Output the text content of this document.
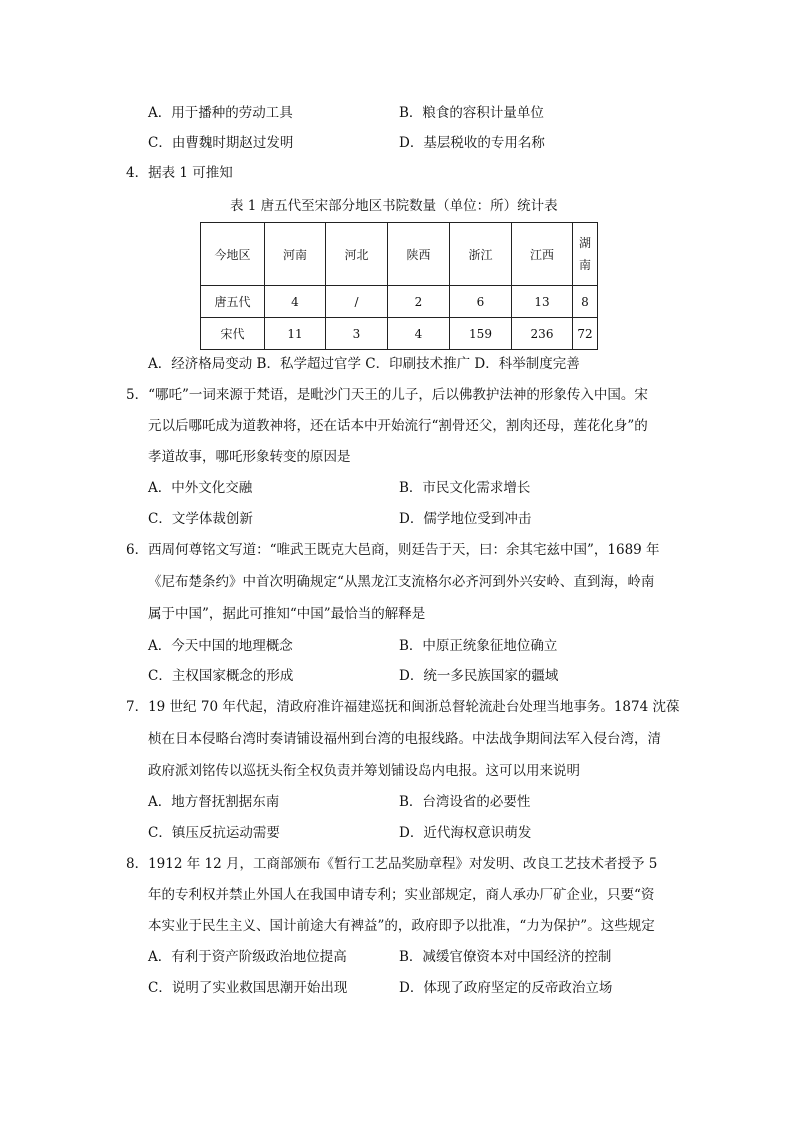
A．用于播种的劳动工具	B．粮食的容积计量单位
C．由曹魏时期赵过发明	D．基层税收的专用名称
4．据表 1 可推知
表 1 唐五代至宋部分地区书院数量（单位：所）统计表
今地区	河南	河北	陕西	浙江	江西	湖南
唐五代	4	/	2	6	13	8
宋代	11	3	4	159	236	72
A．经济格局变动 B．私学超过官学 C．印刷技术推广 D．科举制度完善
5．“哪吒”一词来源于梵语，是毗沙门天王的儿子，后以佛教护法神的形象传入中国。宋
元以后哪吒成为道教神将，还在话本中开始流行“割骨还父，割肉还母，莲花化身”的
孝道故事，哪吒形象转变的原因是
A．中外文化交融	B．市民文化需求增长
C．文学体裁创新	D．儒学地位受到冲击
6．西周何尊铭文写道：“唯武王既克大邑商，则廷告于天，曰：余其宅兹中国”，1689 年
《尼布楚条约》中首次明确规定“从黑龙江支流格尔必齐河到外兴安岭、直到海，岭南
属于中国”，据此可推知“中国”最恰当的解释是
A．今天中国的地理概念	B．中原正统象征地位确立
C．主权国家概念的形成	D．统一多民族国家的疆域
7．19 世纪 70 年代起，清政府准许福建巡抚和闽浙总督轮流赴台处理当地事务。1874 沈葆
桢在日本侵略台湾时奏请铺设福州到台湾的电报线路。中法战争期间法军入侵台湾，清
政府派刘铭传以巡抚头衔全权负责并筹划铺设岛内电报。这可以用来说明
A．地方督抚割据东南	B．台湾设省的必要性
C．镇压反抗运动需要	D．近代海权意识萌发
8．1912 年 12 月，工商部颁布《暂行工艺品奖励章程》对发明、改良工艺技术者授予 5
年的专利权并禁止外国人在我国申请专利；实业部规定，商人承办厂矿企业，只要“资
本实业于民生主义、国计前途大有裨益”的，政府即予以批准，“力为保护”。这些规定
A．有利于资产阶级政治地位提高	B．减缓官僚资本对中国经济的控制
C．说明了实业救国思潮开始出现	D．体现了政府坚定的反帝政治立场
